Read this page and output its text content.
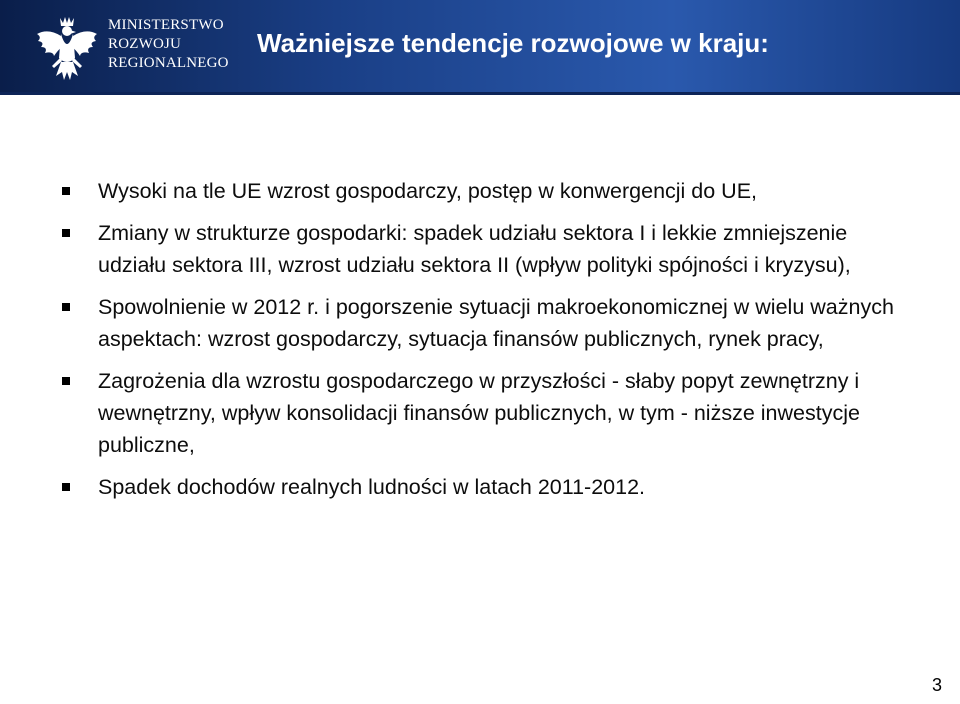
MINISTERSTWO
ROZWOJU
REGIONALNEGO
Ważniejsze tendencje rozwojowe w kraju:
Wysoki na tle UE wzrost gospodarczy, postęp w konwergencji do UE,
Zmiany w strukturze gospodarki: spadek udziału sektora I i lekkie zmniejszenie udziału sektora III, wzrost udziału sektora II (wpływ polityki spójności i kryzysu),
Spowolnienie w 2012 r. i pogorszenie sytuacji makroekonomicznej w wielu ważnych aspektach: wzrost gospodarczy, sytuacja finansów publicznych, rynek pracy,
Zagrożenia dla wzrostu gospodarczego w przyszłości - słaby popyt zewnętrzny i wewnętrzny, wpływ konsolidacji finansów publicznych, w tym - niższe inwestycje publiczne,
Spadek dochodów realnych ludności w latach 2011-2012.
3
